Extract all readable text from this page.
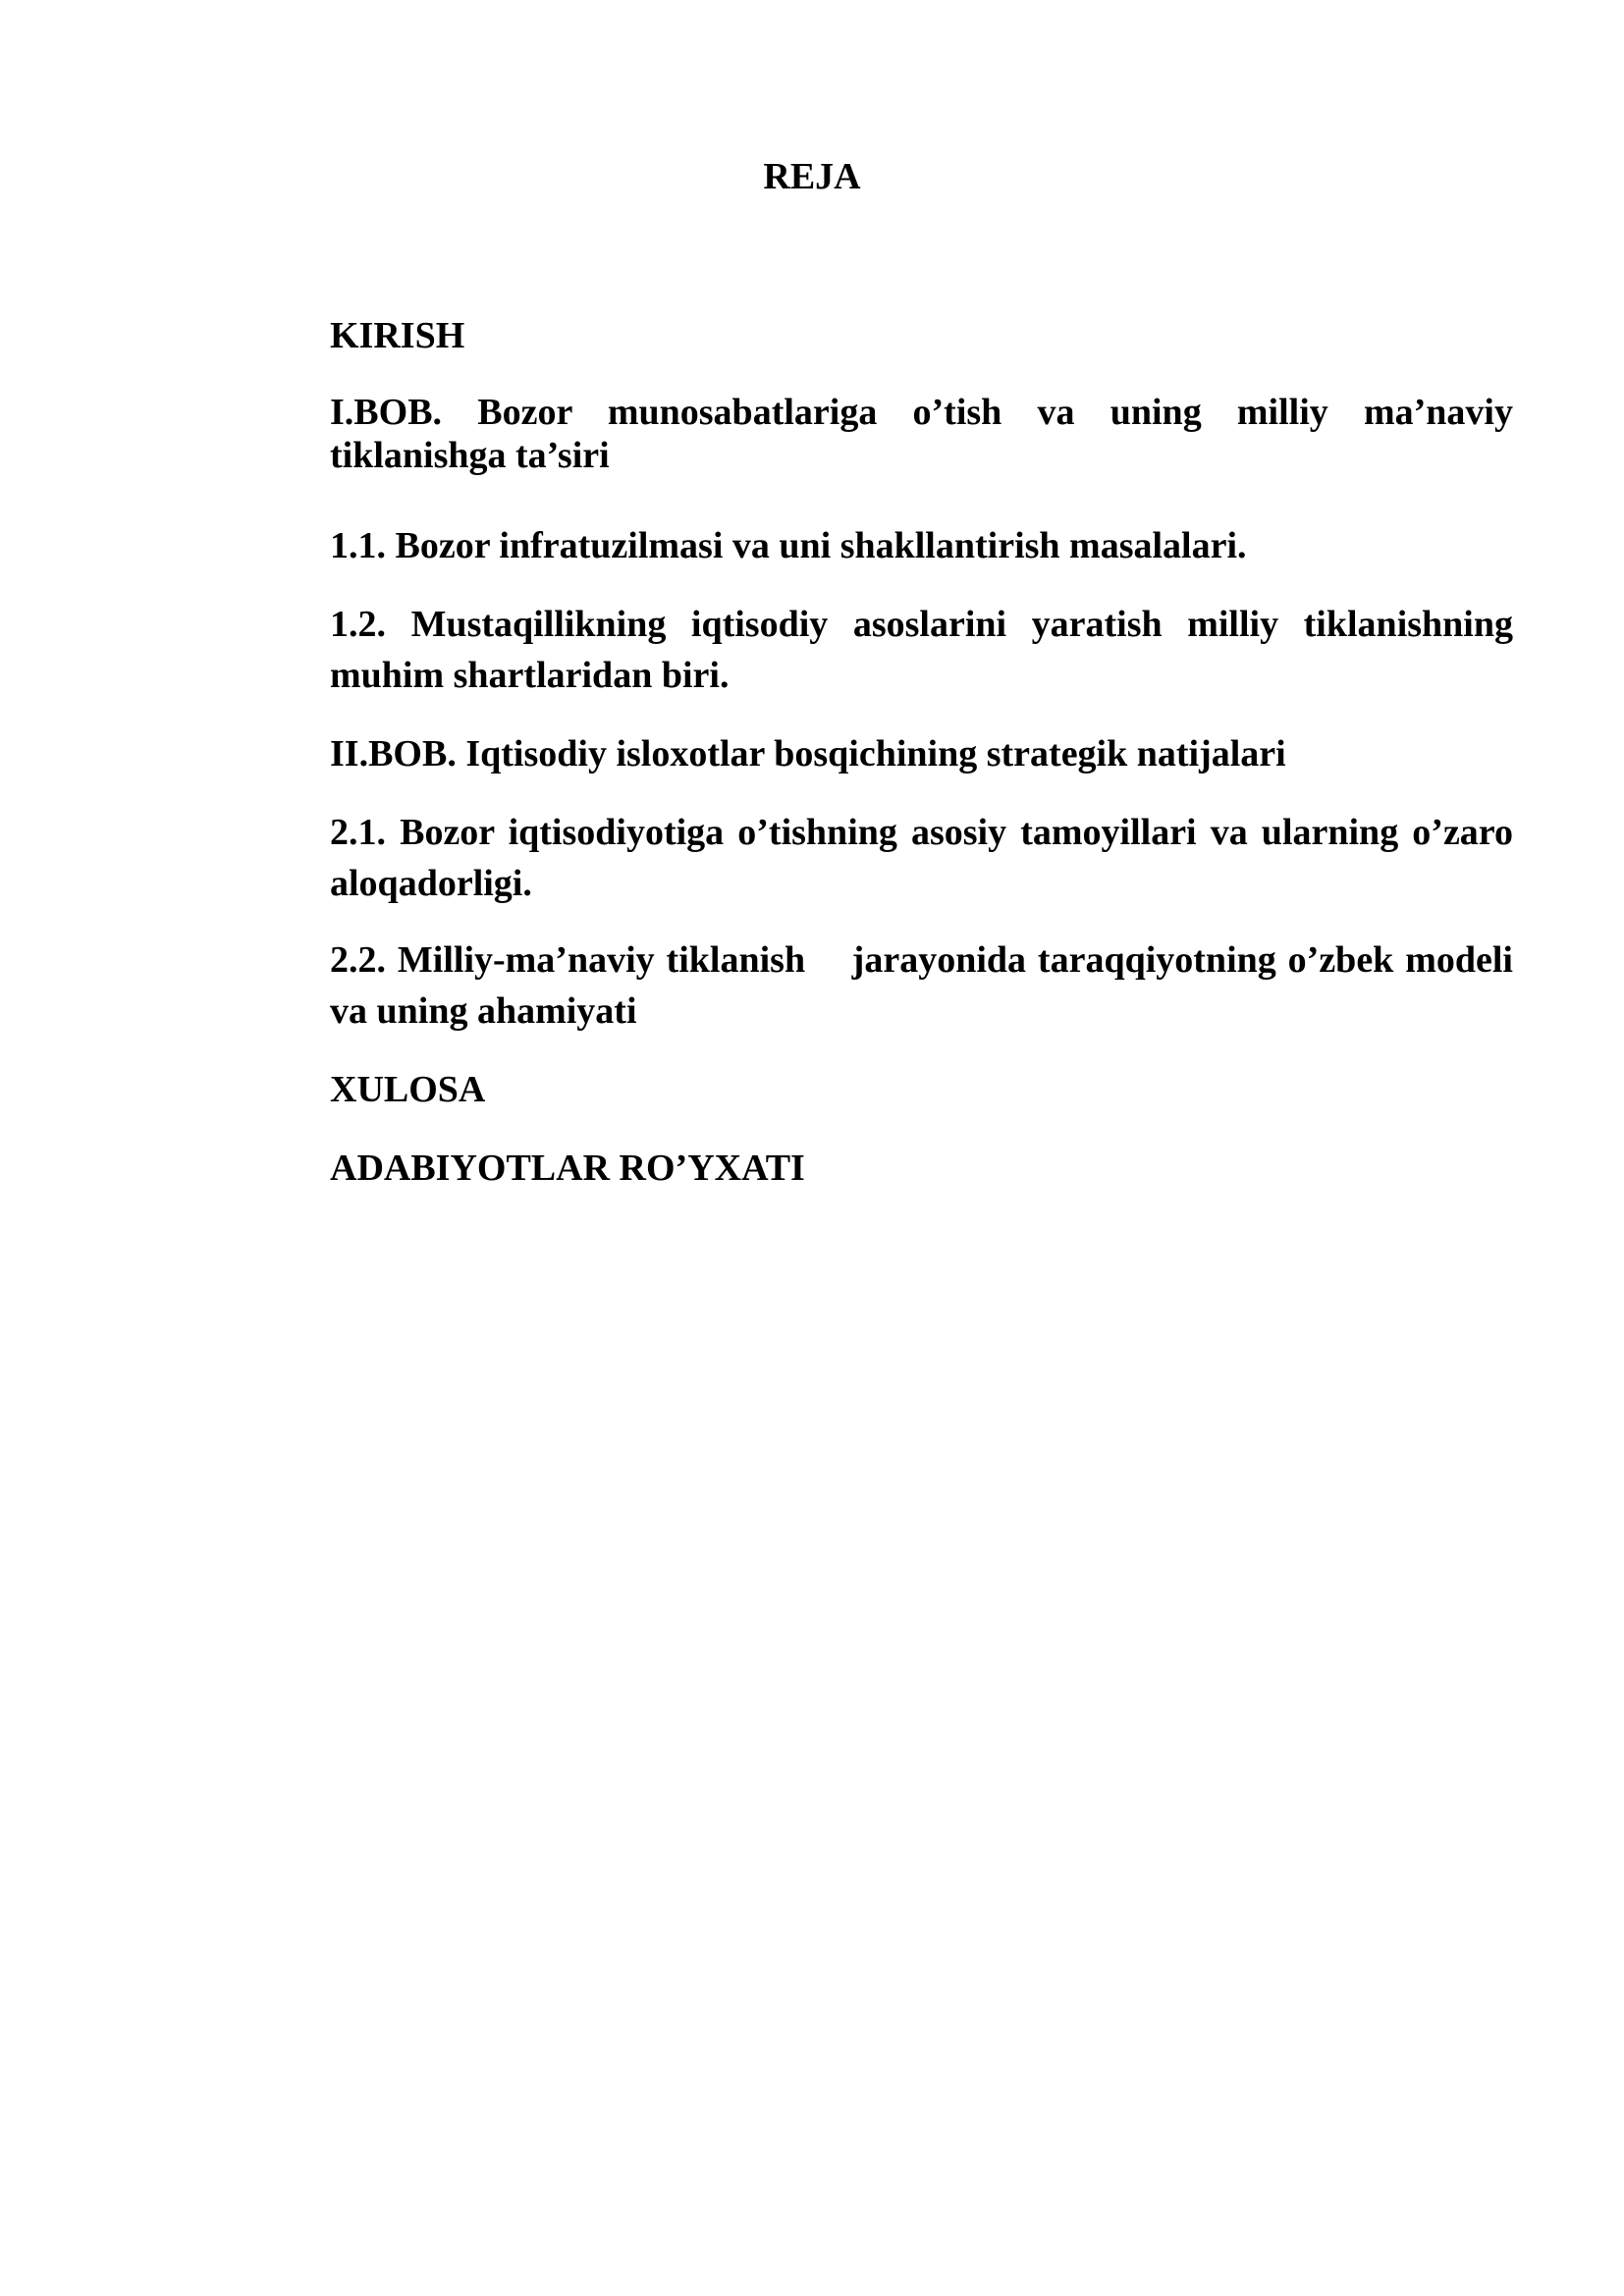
REJA

KIRISH

I.BOB. Bozor munosabatlariga o’tish va uning milliy ma’naviy tiklanishga ta’siri

1.1. Bozor infratuzilmasi va uni shakllantirish masalalari.

1.2. Mustaqillikning iqtisodiy asoslarini yaratish milliy tiklanishning muhim shartlaridan biri.

II.BOB. Iqtisodiy isloxotlar bosqichining strategik natijalari

2.1. Bozor iqtisodiyotiga o’tishning asosiy tamoyillari va ularning o’zaro aloqadorligi.

2.2. Milliy-ma’naviy tiklanish    jarayonida taraqqiyotning o’zbek modeli va uning ahamiyati

XULOSA

ADABIYOTLAR RO’YXATI
